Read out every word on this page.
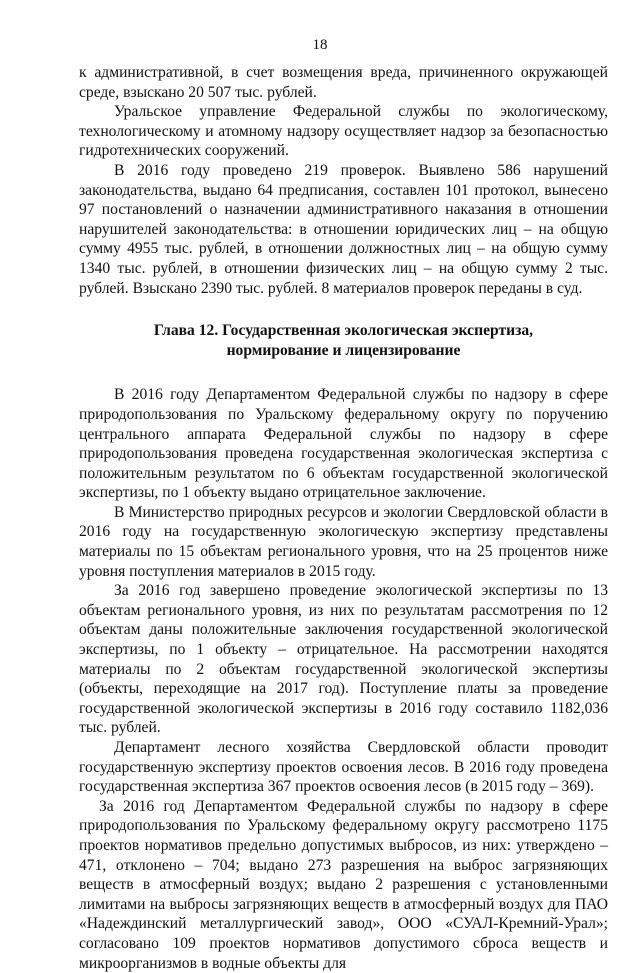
18

к административной, в счет возмещения вреда, причиненного окружающей среде, взыскано 20 507 тыс. рублей.

Уральское управление Федеральной службы по экологическому, технологическому и атомному надзору осуществляет надзор за безопасностью гидротехнических сооружений.

В 2016 году проведено 219 проверок. Выявлено 586 нарушений законодательства, выдано 64 предписания, составлен 101 протокол, вынесено 97 постановлений о назначении административного наказания в отношении нарушителей законодательства: в отношении юридических лиц – на общую сумму 4955 тыс. рублей, в отношении должностных лиц – на общую сумму 1340 тыс. рублей, в отношении физических лиц – на общую сумму 2 тыс. рублей. Взыскано 2390 тыс. рублей. 8 материалов проверок переданы в суд.

Глава 12. Государственная экологическая экспертиза,
нормирование и лицензирование

В 2016 году Департаментом Федеральной службы по надзору в сфере природопользования по Уральскому федеральному округу по поручению центрального аппарата Федеральной службы по надзору в сфере природопользования проведена государственная экологическая экспертиза с положительным результатом по 6 объектам государственной экологической экспертизы, по 1 объекту выдано отрицательное заключение.

В Министерство природных ресурсов и экологии Свердловской области в 2016 году на государственную экологическую экспертизу представлены материалы по 15 объектам регионального уровня, что на 25 процентов ниже уровня поступления материалов в 2015 году.

За 2016 год завершено проведение экологической экспертизы по 13 объектам регионального уровня, из них по результатам рассмотрения по 12 объектам даны положительные заключения государственной экологической экспертизы, по 1 объекту – отрицательное. На рассмотрении находятся материалы по 2 объектам государственной экологической экспертизы (объекты, переходящие на 2017 год). Поступление платы за проведение государственной экологической экспертизы в 2016 году составило 1182,036 тыс. рублей.

Департамент лесного хозяйства Свердловской области проводит государственную экспертизу проектов освоения лесов. В 2016 году проведена государственная экспертиза 367 проектов освоения лесов (в 2015 году – 369).

За 2016 год Департаментом Федеральной службы по надзору в сфере природопользования по Уральскому федеральному округу рассмотрено 1175 проектов нормативов предельно допустимых выбросов, из них: утверждено – 471, отклонено – 704; выдано 273 разрешения на выброс загрязняющих веществ в атмосферный воздух; выдано 2 разрешения с установленными лимитами на выбросы загрязняющих веществ в атмосферный воздух для ПАО «Надеждинский металлургический завод», ООО «СУАЛ-Кремний-Урал»; согласовано 109 проектов нормативов допустимого сброса веществ и микроорганизмов в водные объекты для
